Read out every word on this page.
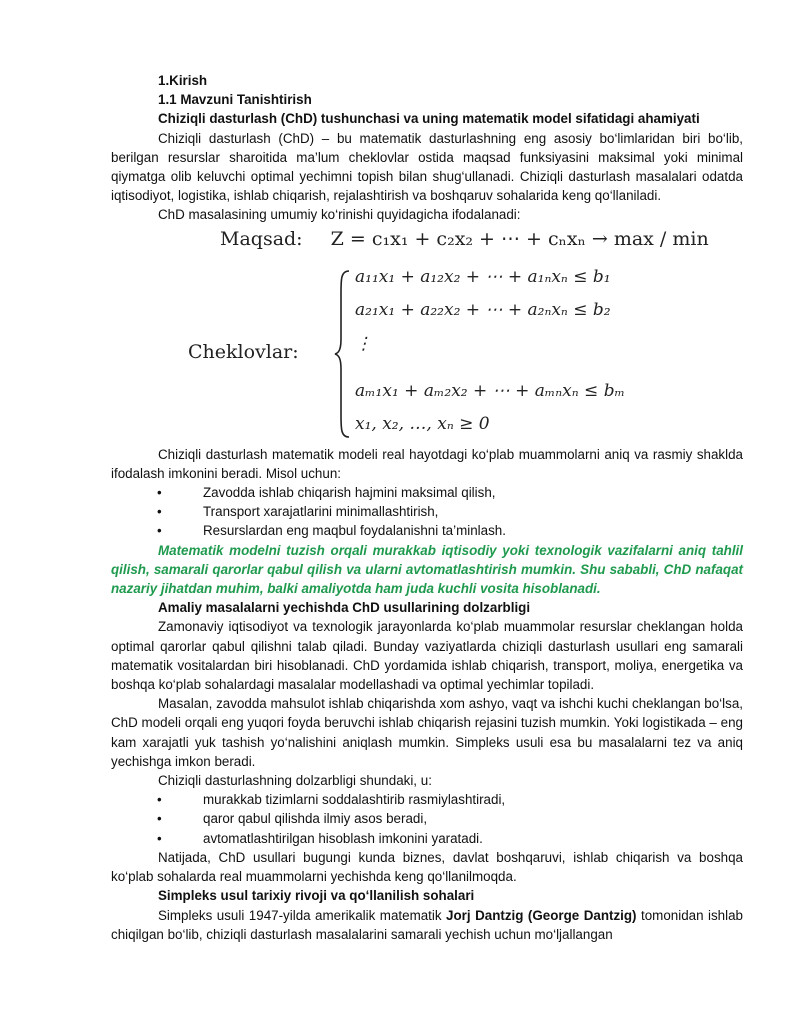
1.Kirish
1.1 Mavzuni Tanishtirish
Chiziqli dasturlash (ChD) tushunchasi va uning matematik model sifatidagi ahamiyati

Chiziqli dasturlash (ChD) – bu matematik dasturlashning eng asosiy bo‘limlaridan biri bo‘lib, berilgan resurslar sharoitida ma’lum cheklovlar ostida maqsad funksiyasini maksimal yoki minimal qiymatga olib keluvchi optimal yechimni topish bilan shug‘ullanadi. Chiziqli dasturlash masalalari odatda iqtisodiyot, logistika, ishlab chiqarish, rejalashtirish va boshqaruv sohalarida keng qo‘llaniladi.

ChD masalasining umumiy ko‘rinishi quyidagicha ifodalanadi:

Maqsad: Z = c₁x₁ + c₂x₂ + ⋯ + cₙxₙ → max / min
Cheklovlar:
a₁₁x₁ + a₁₂x₂ + ⋯ + a₁ₙxₙ ≤ b₁
a₂₁x₁ + a₂₂x₂ + ⋯ + a₂ₙxₙ ≤ b₂
⋮
aₘ₁x₁ + aₘ₂x₂ + ⋯ + aₘₙxₙ ≤ bₘ
x₁, x₂, …, xₙ ≥ 0

Chiziqli dasturlash matematik modeli real hayotdagi ko‘plab muammolarni aniq va rasmiy shaklda ifodalash imkonini beradi. Misol uchun:

• Zavodda ishlab chiqarish hajmini maksimal qilish,
• Transport xarajatlarini minimallashtirish,
• Resurslardan eng maqbul foydalanishni ta’minlash.

Matematik modelni tuzish orqali murakkab iqtisodiy yoki texnologik vazifalarni aniq tahlil qilish, samarali qarorlar qabul qilish va ularni avtomatlashtirish mumkin. Shu sababli, ChD nafaqat nazariy jihatdan muhim, balki amaliyotda ham juda kuchli vosita hisoblanadi.

Amaliy masalalarni yechishda ChD usullarining dolzarbligi

Zamonaviy iqtisodiyot va texnologik jarayonlarda ko‘plab muammolar resurslar cheklangan holda optimal qarorlar qabul qilishni talab qiladi. Bunday vaziyatlarda chiziqli dasturlash usullari eng samarali matematik vositalardan biri hisoblanadi. ChD yordamida ishlab chiqarish, transport, moliya, energetika va boshqa ko‘plab sohalardagi masalalar modellashadi va optimal yechimlar topiladi.

Masalan, zavodda mahsulot ishlab chiqarishda xom ashyo, vaqt va ishchi kuchi cheklangan bo‘lsa, ChD modeli orqali eng yuqori foyda beruvchi ishlab chiqarish rejasini tuzish mumkin. Yoki logistikada – eng kam xarajatli yuk tashish yo‘nalishini aniqlash mumkin. Simpleks usuli esa bu masalalarni tez va aniq yechishga imkon beradi.

Chiziqli dasturlashning dolzarbligi shundaki, u:

• murakkab tizimlarni soddalashtirib rasmiylashtiradi,
• qaror qabul qilishda ilmiy asos beradi,
• avtomatlashtirilgan hisoblash imkonini yaratadi.

Natijada, ChD usullari bugungi kunda biznes, davlat boshqaruvi, ishlab chiqarish va boshqa ko‘plab sohalarda real muammolarni yechishda keng qo‘llanilmoqda.

Simpleks usul tarixiy rivoji va qo‘llanilish sohalari

Simpleks usuli 1947-yilda amerikalik matematik Jorj Dantzig (George Dantzig) tomonidan ishlab chiqilgan bo‘lib, chiziqli dasturlash masalalarini samarali yechish uchun mo‘ljallangan
